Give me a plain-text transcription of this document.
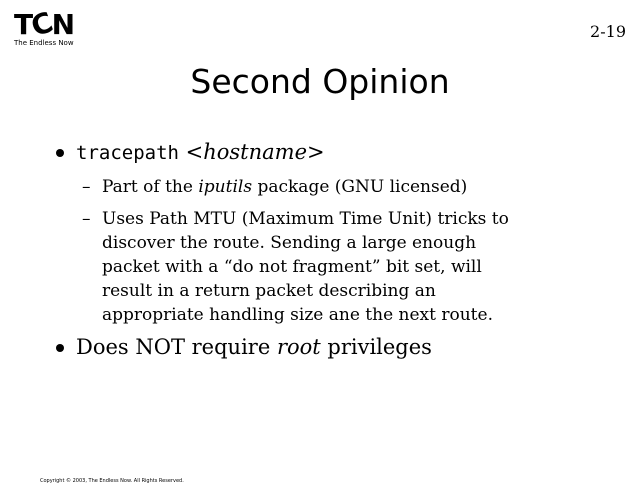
TCN
The Endless Now
2-19
Second Opinion
tracepath <hostname>
– Part of the iputils package (GNU licensed)
– Uses Path MTU (Maximum Time Unit) tricks to
discover the route. Sending a large enough
packet with a “do not fragment” bit set, will
result in a return packet describing an
appropriate handling size ane the next route.
Does NOT require root privileges
Copyright © 2003, The Endless Now. All Rights Reserved.
